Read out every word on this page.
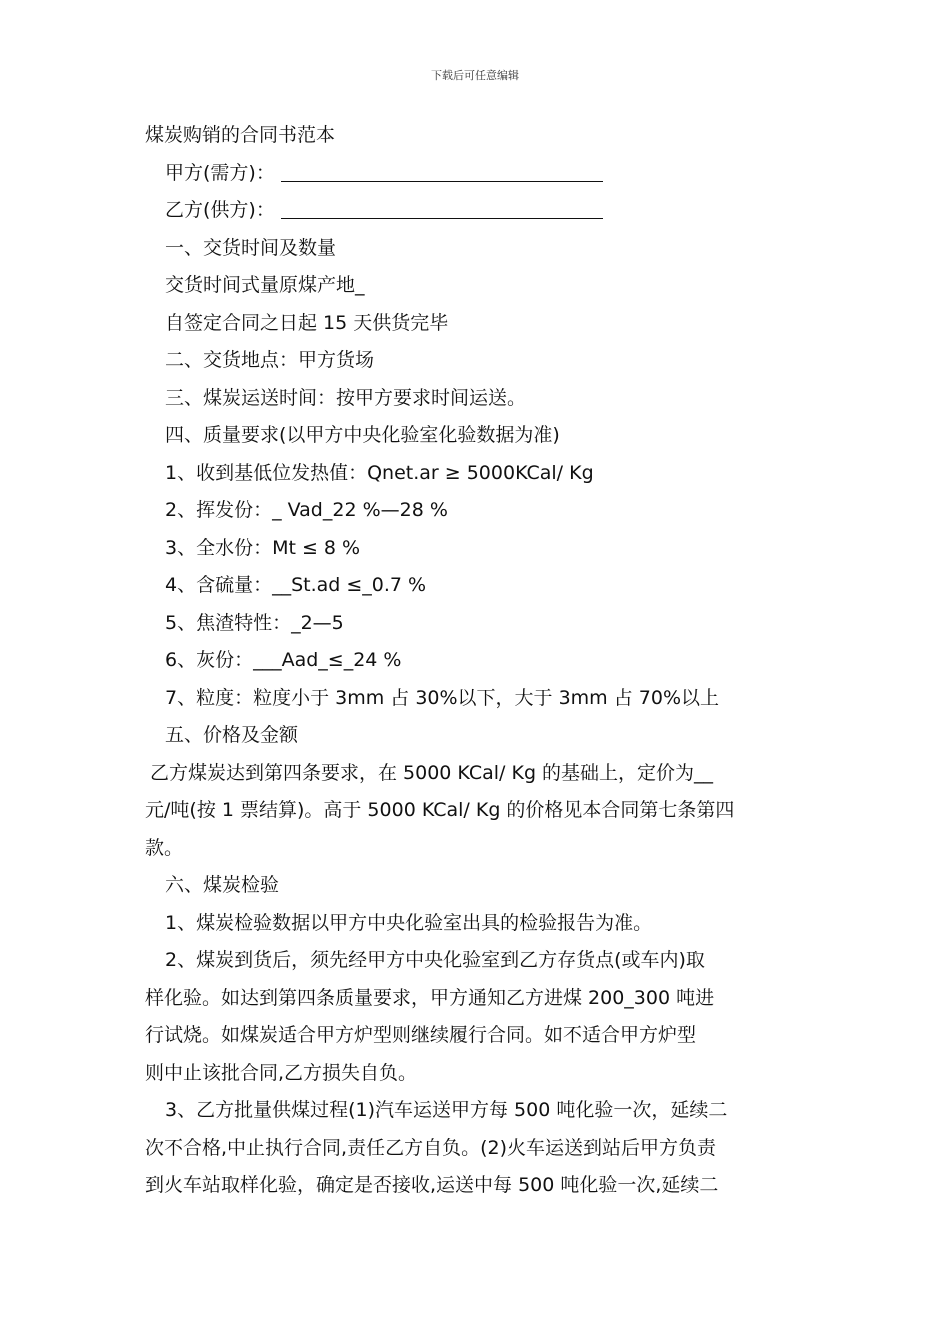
下载后可任意编辑
煤炭购销的合同书范本
甲方(需方)：
乙方(供方)：
一、交货时间及数量
交货时间式量原煤产地_
自签定合同之日起 15 天供货完毕
二、交货地点：甲方货场
三、煤炭运送时间：按甲方要求时间运送。
四、质量要求(以甲方中央化验室化验数据为准)
1、收到基低位发热值：Qnet.ar ≥ 5000KCal/ Kg
2、挥发份：_ Vad_22 %—28 %
3、全水份：Mt ≤ 8 %
4、含硫量：__St.ad ≤_0.7 %
5、焦渣特性：_2—5
6、灰份：___Aad_≤_24 %
7、粒度：粒度小于 3mm 占 30%以下，大于 3mm 占 70%以上
五、价格及金额
乙方煤炭达到第四条要求，在 5000 KCal/ Kg 的基础上，定价为__
元/吨(按 1 票结算)。高于 5000 KCal/ Kg 的价格见本合同第七条第四
款。
六、煤炭检验
1、煤炭检验数据以甲方中央化验室出具的检验报告为准。
2、煤炭到货后，须先经甲方中央化验室到乙方存货点(或车内)取
样化验。如达到第四条质量要求，甲方通知乙方进煤 200_300 吨进
行试烧。如煤炭适合甲方炉型则继续履行合同。如不适合甲方炉型
则中止该批合同,乙方损失自负。
3、乙方批量供煤过程(1)汽车运送甲方每 500 吨化验一次，延续二
次不合格,中止执行合同,责任乙方自负。(2)火车运送到站后甲方负责
到火车站取样化验，确定是否接收,运送中每 500 吨化验一次,延续二
